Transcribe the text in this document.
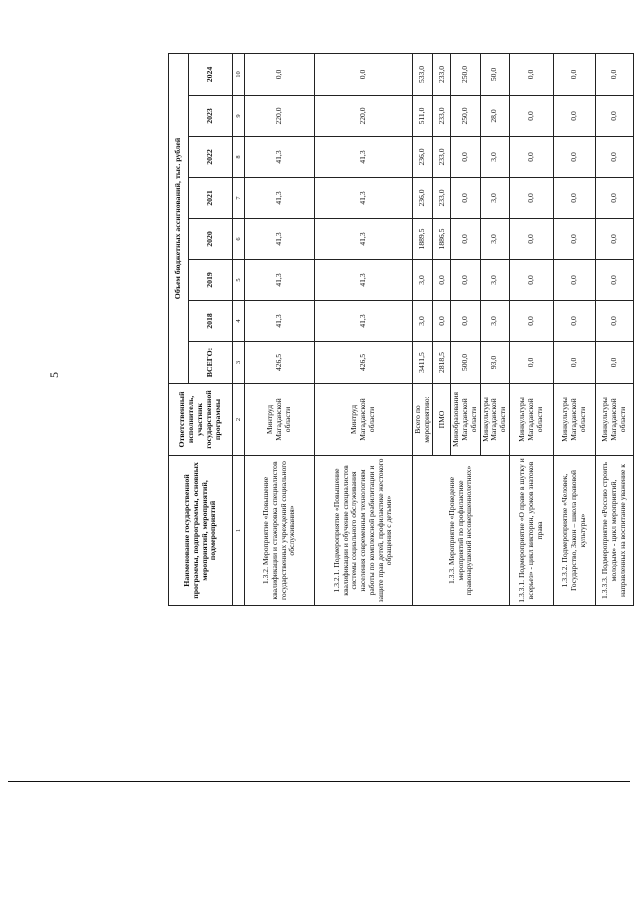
5
Наименование государственной программы, подпрограммы, основных мероприятий, мероприятий, подмероприятий	Ответственный исполнитель, участник государственной программы	Объем бюджетных ассигнований, тыс. рублей							
		ВСЕГО:	2018	2019	2020	2021	2022	2023	2024
1	2	3	4	5	6	7	8	9	10
1.3.2. Мероприятие «Повышение квалификации и стажировка специалистов государственных учреждений социального обслуживания»	Минтруд Магаданской области	426,5	41,3	41,3	41,3	41,3	41,3	220,0	0,0
1.3.2.1. Подмероприятие «Повышение квалификации и обучение специалистов системы социального обслуживания населения современным технологиям работы по комплексной реабилитации и защите прав детей, профилактике жестокого обращения с детьми»	Минтруд Магаданской области	426,5	41,3	41,3	41,3	41,3	41,3	220,0	0,0
1.3.3. Мероприятие «Проведение мероприятий по профилактике правонарушений несовершеннолетних»	Всего по мероприятию:	3411,5	3,0	3,0	1889,5	236,0	236,0	511,0	533,0
	ПМО	2818,5	0,0	0,0	1886,5	233,0	233,0	233,0	233,0
	Минобразования Магаданской области	500,0	0,0	0,0	0,0	0,0	0,0	250,0	250,0
	Минкультуры Магаданской области	93,0	3,0	3,0	3,0	3,0	3,0	28,0	50,0
1.3.3.1. Подмероприятие «О праве в шутку и всерьез» - цикл викторин, уроков знатоков права	Минкультуры Магаданской области	0,0	0,0	0,0	0,0	0,0	0,0	0,0	0,0
1.3.3.2. Подмероприятие «Человек, Государство, Закон – школа правовой культуры»	Минкультуры Магаданской области	0,0	0,0	0,0	0,0	0,0	0,0	0,0	0,0
1.3.3.3. Подмероприятие «Россию строить молодым» - цикл мероприятий, направленных на воспитание уважение к	Минкультуры Магаданской области	0,0	0,0	0,0	0,0	0,0	0,0	0,0	0,0
